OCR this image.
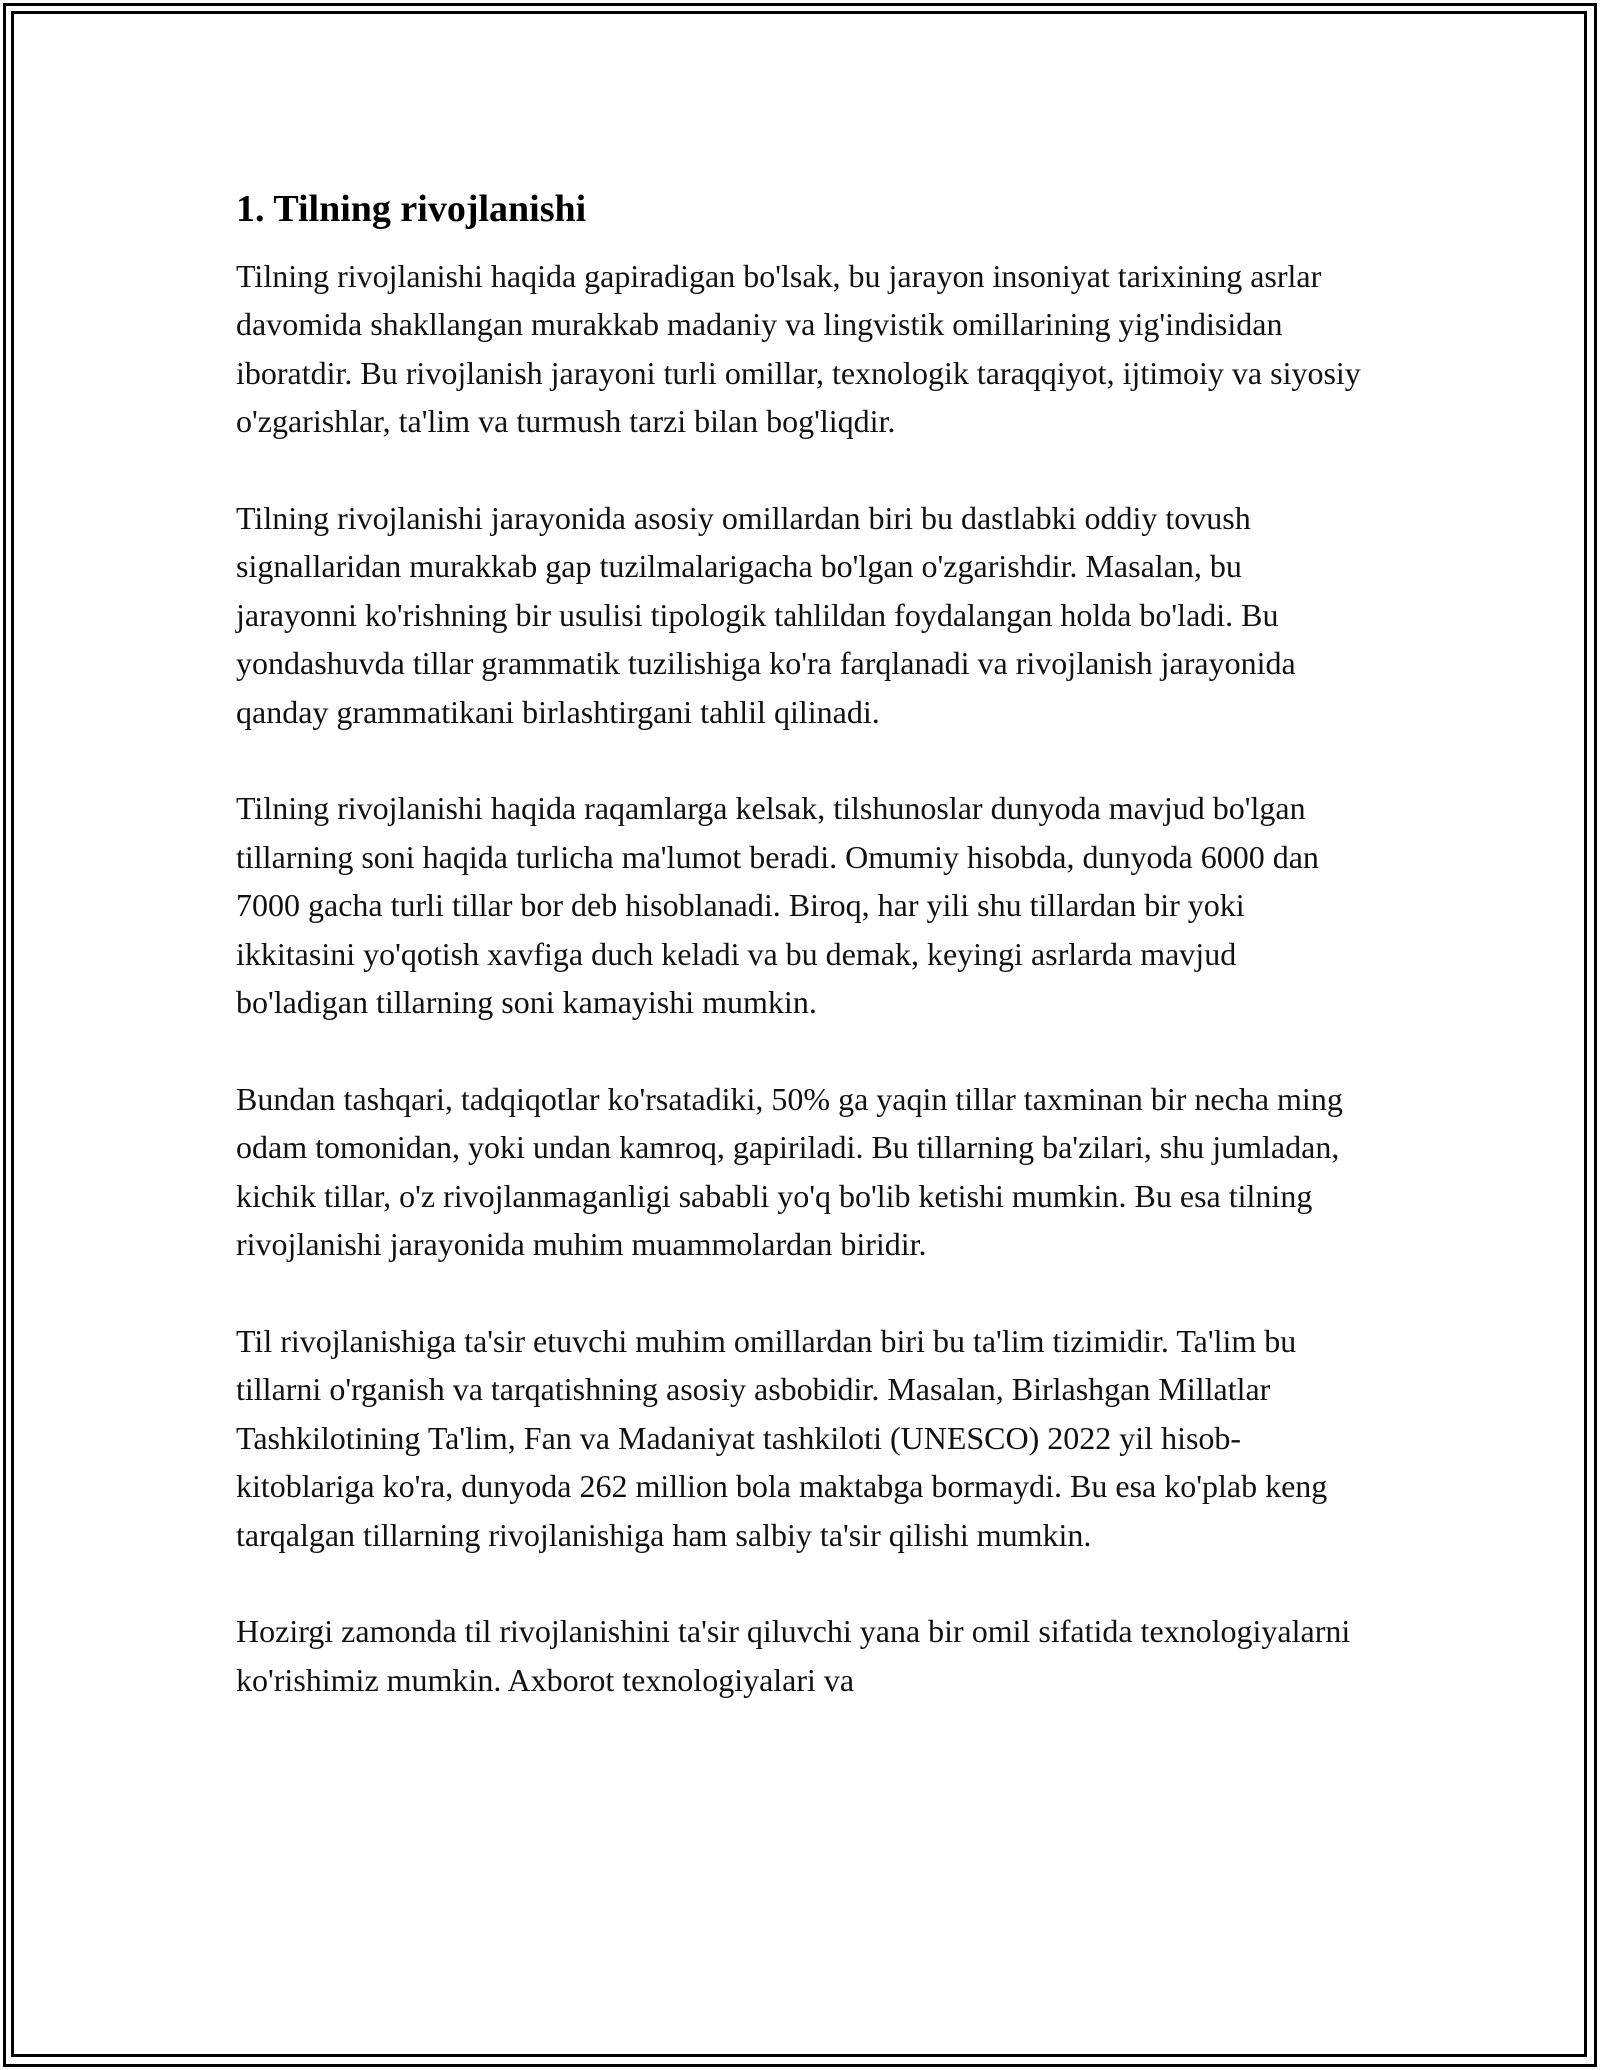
1. Tilning rivojlanishi

Tilning rivojlanishi haqida gapiradigan bo'lsak, bu jarayon insoniyat tarixining asrlar davomida shakllangan murakkab madaniy va lingvistik omillarining yig'indisidan iboratdir. Bu rivojlanish jarayoni turli omillar, texnologik taraqqiyot, ijtimoiy va siyosiy o'zgarishlar, ta'lim va turmush tarzi bilan bog'liqdir.

Tilning rivojlanishi jarayonida asosiy omillardan biri bu dastlabki oddiy tovush signallaridan murakkab gap tuzilmalarigacha bo'lgan o'zgarishdir. Masalan, bu jarayonni ko'rishning bir usulisi tipologik tahlildan foydalangan holda bo'ladi. Bu yondashuvda tillar grammatik tuzilishiga ko'ra farqlanadi va rivojlanish jarayonida qanday grammatikani birlashtirgani tahlil qilinadi.

Tilning rivojlanishi haqida raqamlarga kelsak, tilshunoslar dunyoda mavjud bo'lgan tillarning soni haqida turlicha ma'lumot beradi. Omumiy hisobda, dunyoda 6000 dan 7000 gacha turli tillar bor deb hisoblanadi. Biroq, har yili shu tillardan bir yoki ikkitasini yo'qotish xavfiga duch keladi va bu demak, keyingi asrlarda mavjud bo'ladigan tillarning soni kamayishi mumkin.

Bundan tashqari, tadqiqotlar ko'rsatadiki, 50% ga yaqin tillar taxminan bir necha ming odam tomonidan, yoki undan kamroq, gapiriladi. Bu tillarning ba'zilari, shu jumladan, kichik tillar, o'z rivojlanmaganligi sababli yo'q bo'lib ketishi mumkin. Bu esa tilning rivojlanishi jarayonida muhim muammolardan biridir.

Til rivojlanishiga ta'sir etuvchi muhim omillardan biri bu ta'lim tizimidir. Ta'lim bu tillarni o'rganish va tarqatishning asosiy asbobidir. Masalan, Birlashgan Millatlar Tashkilotining Ta'lim, Fan va Madaniyat tashkiloti (UNESCO) 2022 yil hisob-kitoblariga ko'ra, dunyoda 262 million bola maktabga bormaydi. Bu esa ko'plab keng tarqalgan tillarning rivojlanishiga ham salbiy ta'sir qilishi mumkin.

Hozirgi zamonda til rivojlanishini ta'sir qiluvchi yana bir omil sifatida texnologiyalarni ko'rishimiz mumkin. Axborot texnologiyalari va
